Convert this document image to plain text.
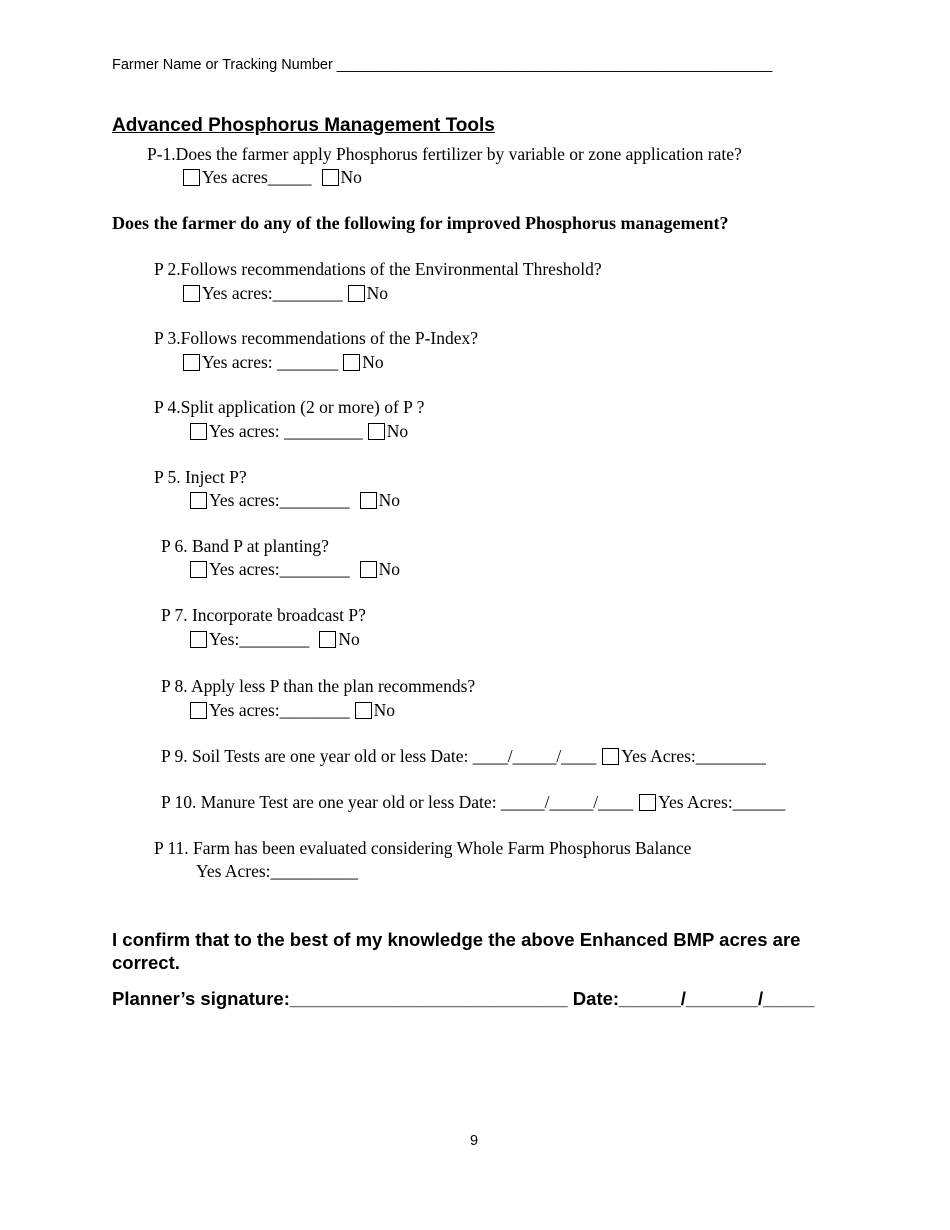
Farmer Name or Tracking Number ______________________________________________________
Advanced Phosphorus Management Tools
P-1.Does the farmer apply Phosphorus fertilizer by variable or zone application rate?
Yes acres_____ No
Does the farmer do any of the following for improved Phosphorus management?
P 2.Follows recommendations of the Environmental Threshold?
Yes acres:________ No
P 3.Follows recommendations of the P-Index?
Yes acres: _______ No
P 4.Split application (2 or more) of P ?
Yes acres: _________ No
P 5. Inject P?
Yes acres:________ No
P 6. Band P at planting?
Yes acres:________ No
P 7. Incorporate broadcast P?
Yes:________ No
P 8. Apply less P than the plan recommends?
Yes acres:________ No
P 9. Soil Tests are one year old or less Date: ____/_____/____ Yes Acres:________
P 10. Manure Test are one year old or less Date: _____/_____/____ Yes Acres:______
P 11. Farm has been evaluated considering Whole Farm Phosphorus Balance
Yes Acres:__________
I confirm that to the best of my knowledge the above Enhanced BMP acres are correct.
Planner’s signature:___________________________ Date:______/_______/_____
9
